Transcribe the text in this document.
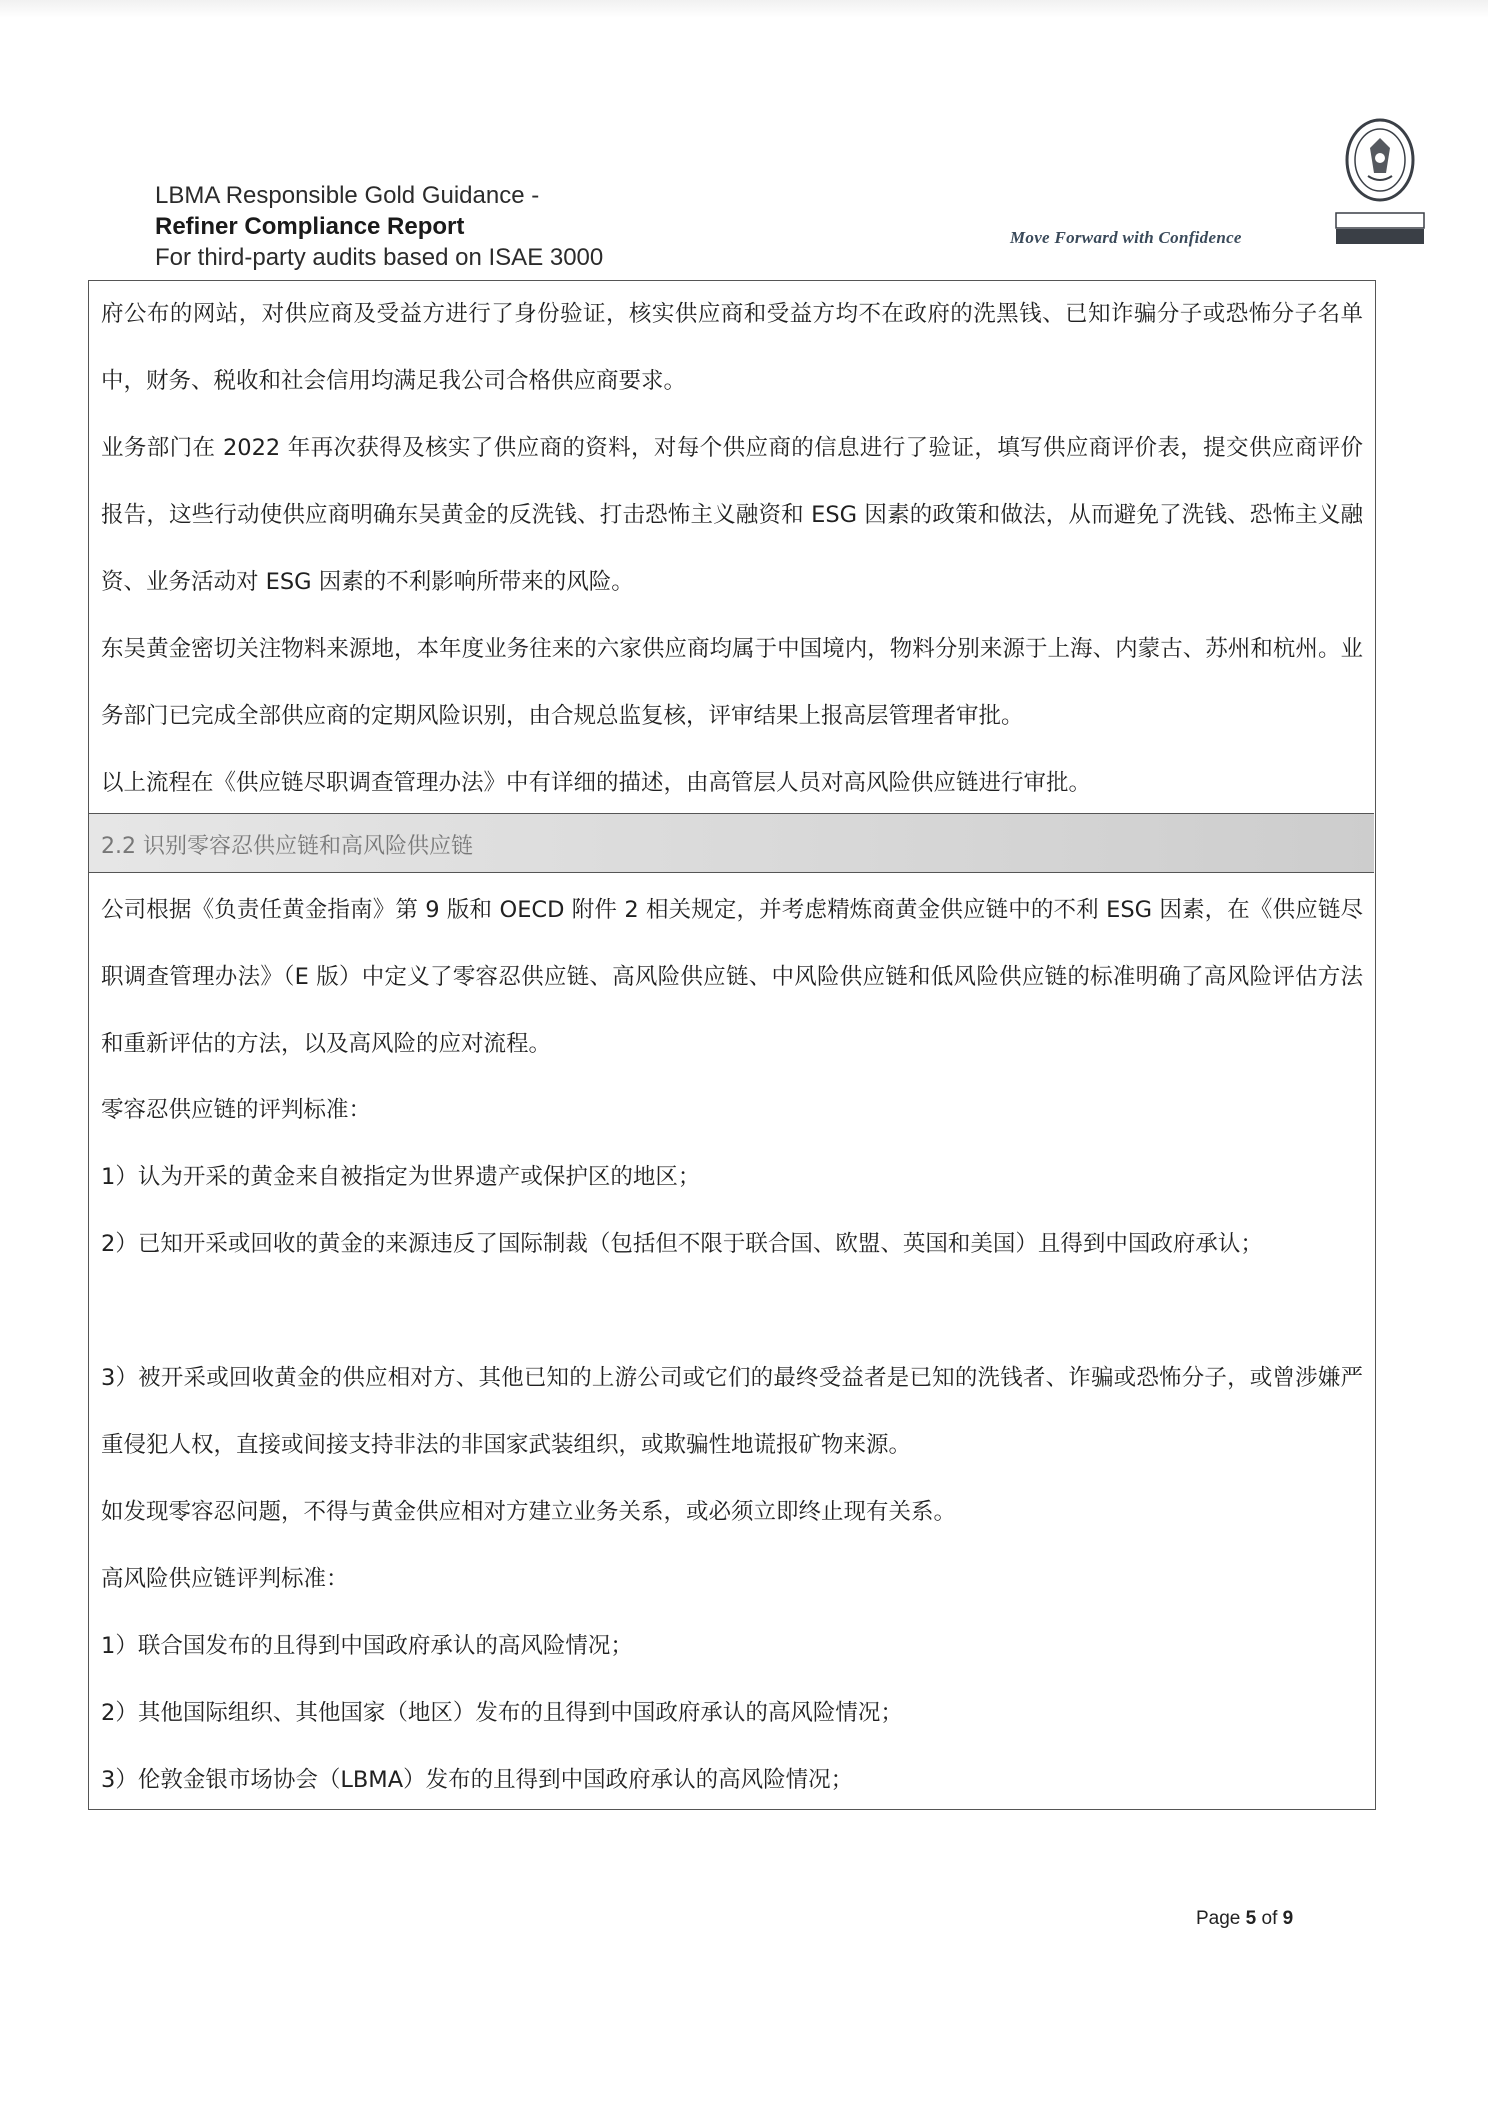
LBMA Responsible Gold Guidance -
Refiner Compliance Report
For third-party audits based on ISAE 3000
Move Forward with Confidence
府公布的网站，对供应商及受益方进行了身份验证，核实供应商和受益方均不在政府的洗黑钱、已知诈骗分子或恐怖分子名单中，财务、税收和社会信用均满足我公司合格供应商要求。
业务部门在 2022 年再次获得及核实了供应商的资料，对每个供应商的信息进行了验证，填写供应商评价表，提交供应商评价报告，这些行动使供应商明确东吴黄金的反洗钱、打击恐怖主义融资和 ESG 因素的政策和做法，从而避免了洗钱、恐怖主义融资、业务活动对 ESG 因素的不利影响所带来的风险。
东吴黄金密切关注物料来源地，本年度业务往来的六家供应商均属于中国境内，物料分别来源于上海、内蒙古、苏州和杭州。业务部门已完成全部供应商的定期风险识别，由合规总监复核，评审结果上报高层管理者审批。
以上流程在《供应链尽职调查管理办法》中有详细的描述，由高管层人员对高风险供应链进行审批。
2.2 识别零容忍供应链和高风险供应链
公司根据《负责任黄金指南》第 9 版和 OECD 附件 2 相关规定，并考虑精炼商黄金供应链中的不利 ESG 因素，在《供应链尽职调查管理办法》（E 版）中定义了零容忍供应链、高风险供应链、中风险供应链和低风险供应链的标准明确了高风险评估方法和重新评估的方法，以及高风险的应对流程。
零容忍供应链的评判标准：
1）认为开采的黄金来自被指定为世界遗产或保护区的地区；
2）已知开采或回收的黄金的来源违反了国际制裁（包括但不限于联合国、欧盟、英国和美国）且得到中国政府承认；
3）被开采或回收黄金的供应相对方、其他已知的上游公司或它们的最终受益者是已知的洗钱者、诈骗或恐怖分子，或曾涉嫌严重侵犯人权，直接或间接支持非法的非国家武装组织，或欺骗性地谎报矿物来源。
如发现零容忍问题，不得与黄金供应相对方建立业务关系，或必须立即终止现有关系。
高风险供应链评判标准：
1）联合国发布的且得到中国政府承认的高风险情况；
2）其他国际组织、其他国家（地区）发布的且得到中国政府承认的高风险情况；
3）伦敦金银市场协会（LBMA）发布的且得到中国政府承认的高风险情况；
Page 5 of 9
